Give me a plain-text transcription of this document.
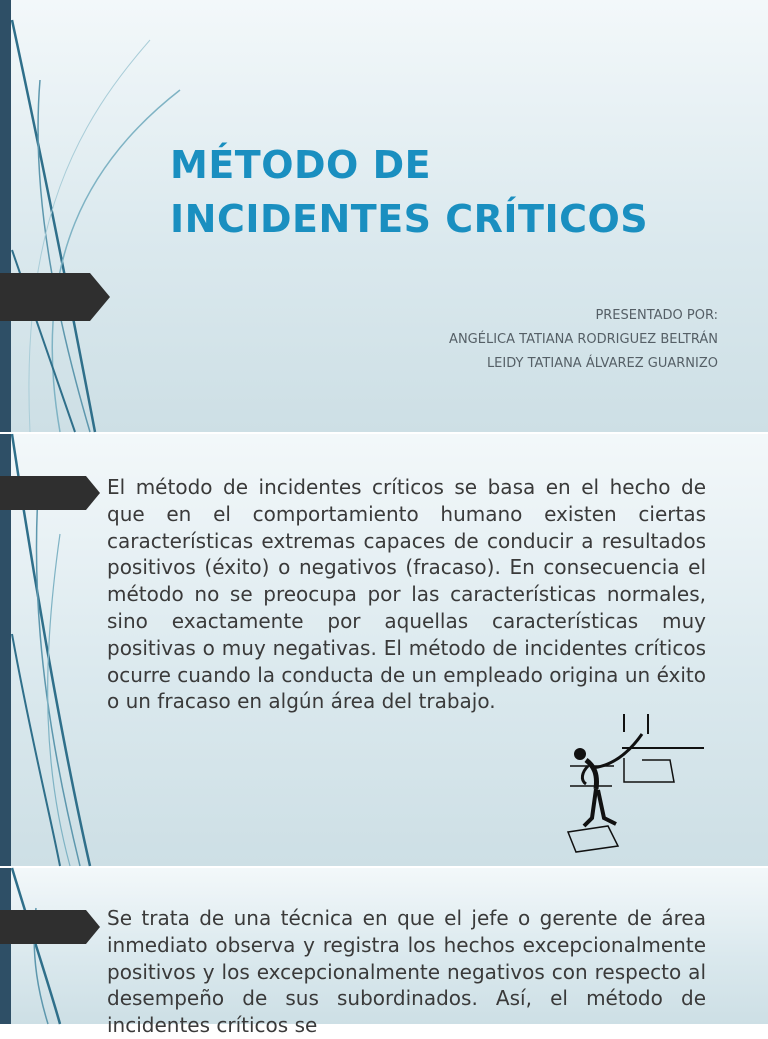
MÉTODO DE
INCIDENTES CRÍTICOS
PRESENTADO POR:
ANGÉLICA TATIANA RODRIGUEZ BELTRÁN
LEIDY TATIANA ÁLVAREZ GUARNIZO

El método de incidentes críticos se basa en el hecho de que en el comportamiento humano existen ciertas características extremas capaces de conducir a resultados positivos (éxito) o negativos (fracaso). En consecuencia el método no se preocupa por las características normales, sino exactamente por aquellas características muy positivas o muy negativas. El método de incidentes críticos ocurre cuando la conducta de un empleado origina un éxito o un fracaso en algún área del trabajo.

Se trata de una técnica en que el jefe o gerente de área inmediato observa y registra los hechos excepcionalmente positivos y los excepcionalmente negativos con respecto al desempeño de sus subordinados. Así, el método de incidentes críticos se
